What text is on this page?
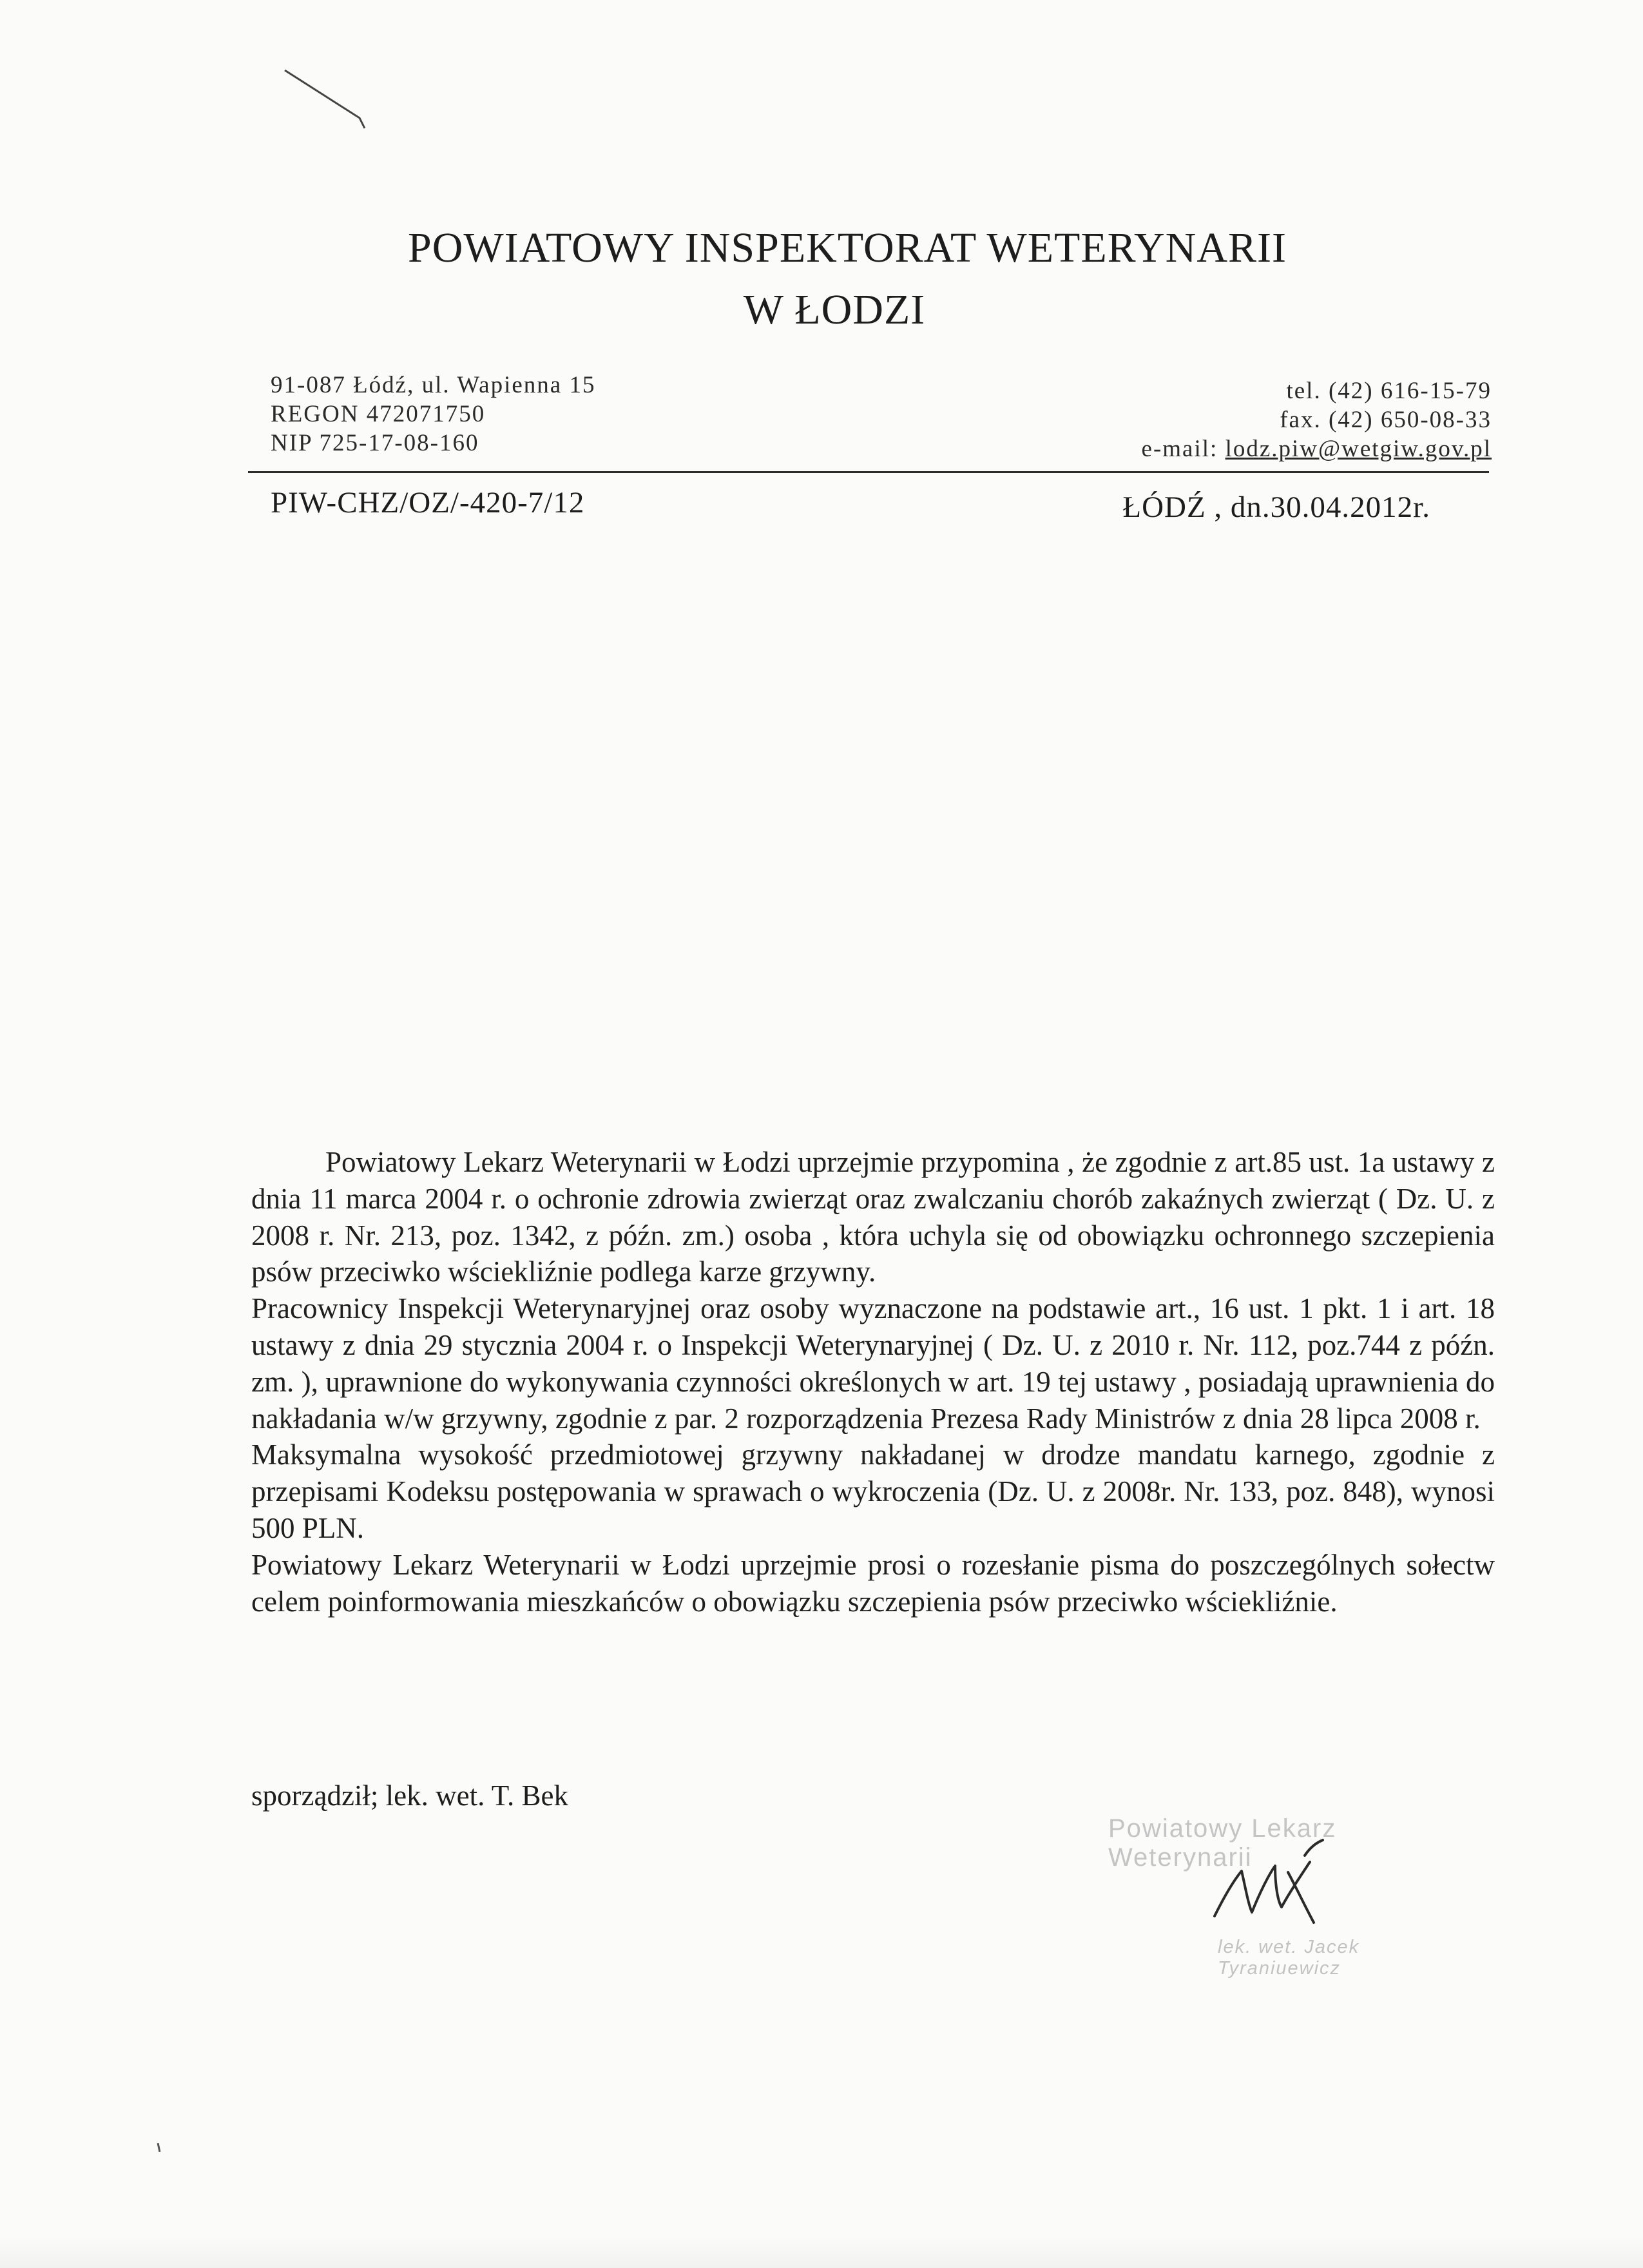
POWIATOWY INSPEKTORAT WETERYNARII
W ŁODZI
91-087 Łódź, ul. Wapienna 15
REGON 472071750
NIP 725-17-08-160
tel. (42) 616-15-79
fax. (42) 650-08-33
e-mail: lodz.piw@wetgiw.gov.pl
PIW-CHZ/OZ/-420-7/12	ŁÓDŹ , dn.30.04.2012r.

Powiatowy Lekarz Weterynarii w Łodzi uprzejmie przypomina , że zgodnie z art.85 ust. 1a ustawy z dnia 11 marca 2004 r. o ochronie zdrowia zwierząt oraz zwalczaniu chorób zakaźnych zwierząt ( Dz. U. z 2008 r. Nr. 213, poz. 1342, z późn. zm.) osoba , która uchyla się od obowiązku ochronnego szczepienia psów przeciwko wściekliźnie podlega karze grzywny.

Pracownicy Inspekcji Weterynaryjnej oraz osoby wyznaczone na podstawie art., 16 ust. 1 pkt. 1 i art. 18 ustawy z dnia 29 stycznia 2004 r. o Inspekcji Weterynaryjnej ( Dz. U. z 2010 r. Nr. 112, poz.744 z późn. zm. ), uprawnione do wykonywania czynności określonych w art. 19 tej ustawy , posiadają uprawnienia do nakładania w/w grzywny, zgodnie z par. 2 rozporządzenia Prezesa Rady Ministrów z dnia 28 lipca 2008 r.

Maksymalna wysokość przedmiotowej grzywny nakładanej w drodze mandatu karnego, zgodnie z przepisami Kodeksu postępowania w sprawach o wykroczenia (Dz. U. z 2008r. Nr. 133, poz. 848), wynosi 500 PLN.

Powiatowy Lekarz Weterynarii w Łodzi uprzejmie prosi o rozesłanie pisma do poszczególnych sołectw celem poinformowania mieszkańców o obowiązku szczepienia psów przeciwko wściekliźnie.

sporządził; lek. wet. T. Bek
Powiatowy Lekarz Weterynarii
lek. wet. Jacek Tyraniuewicz
